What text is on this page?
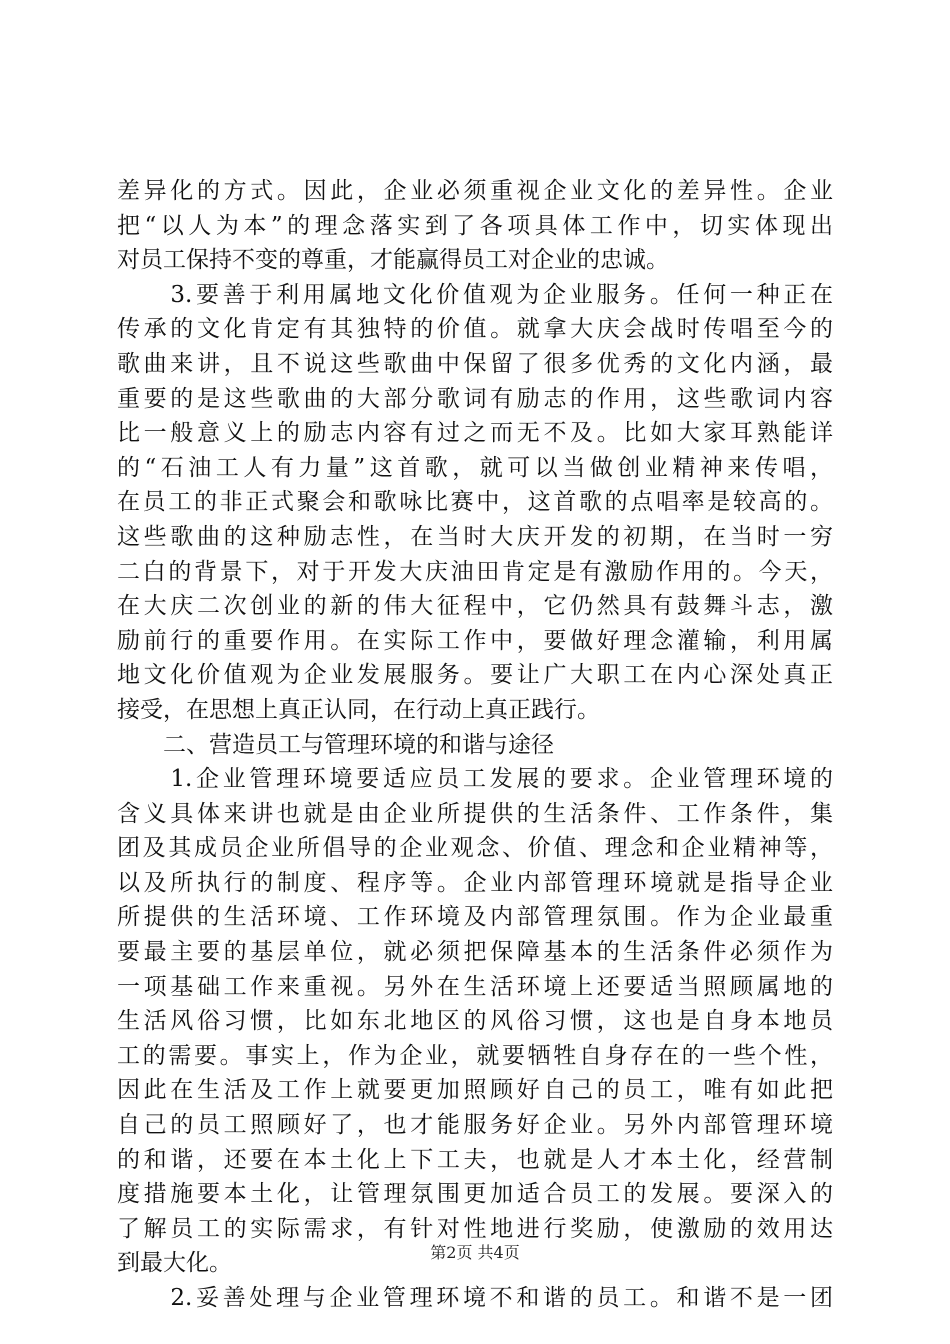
差异化的方式。因此，企业必须重视企业文化的差异性。企业
把“以人为本”的理念落实到了各项具体工作中，切实体现出
对员工保持不变的尊重，才能赢得员工对企业的忠诚。
　　3.要善于利用属地文化价值观为企业服务。任何一种正在
传承的文化肯定有其独特的价值。就拿大庆会战时传唱至今的
歌曲来讲，且不说这些歌曲中保留了很多优秀的文化内涵，最
重要的是这些歌曲的大部分歌词有励志的作用，这些歌词内容
比一般意义上的励志内容有过之而无不及。比如大家耳熟能详
的“石油工人有力量”这首歌，就可以当做创业精神来传唱，
在员工的非正式聚会和歌咏比赛中，这首歌的点唱率是较高的。
这些歌曲的这种励志性，在当时大庆开发的初期，在当时一穷
二白的背景下，对于开发大庆油田肯定是有激励作用的。今天，
在大庆二次创业的新的伟大征程中，它仍然具有鼓舞斗志，激
励前行的重要作用。在实际工作中，要做好理念灌输，利用属
地文化价值观为企业发展服务。要让广大职工在内心深处真正
接受，在思想上真正认同，在行动上真正践行。
　　二、营造员工与管理环境的和谐与途径
　　1.企业管理环境要适应员工发展的要求。企业管理环境的
含义具体来讲也就是由企业所提供的生活条件、工作条件，集
团及其成员企业所倡导的企业观念、价值、理念和企业精神等，
以及所执行的制度、程序等。企业内部管理环境就是指导企业
所提供的生活环境、工作环境及内部管理氛围。作为企业最重
要最主要的基层单位，就必须把保障基本的生活条件必须作为
一项基础工作来重视。另外在生活环境上还要适当照顾属地的
生活风俗习惯，比如东北地区的风俗习惯，这也是自身本地员
工的需要。事实上，作为企业，就要牺牲自身存在的一些个性，
因此在生活及工作上就要更加照顾好自己的员工，唯有如此把
自己的员工照顾好了，也才能服务好企业。另外内部管理环境
的和谐，还要在本土化上下工夫，也就是人才本土化，经营制
度措施要本土化，让管理氛围更加适合员工的发展。要深入的
了解员工的实际需求，有针对性地进行奖励，使激励的效用达
到最大化。
　　2.妥善处理与企业管理环境不和谐的员工。和谐不是一团
第2页 共4页
